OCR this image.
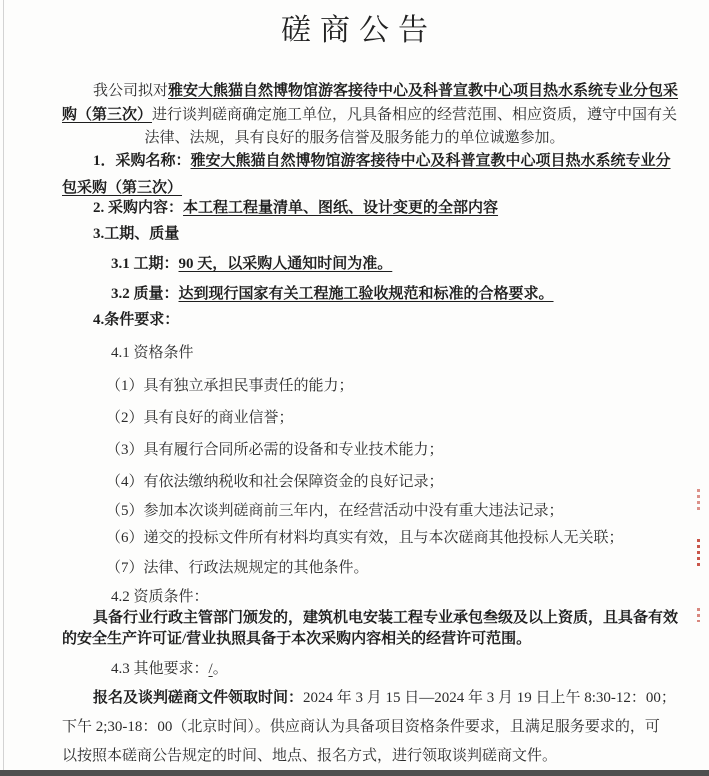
磋商公告
我公司拟对雅安大熊猫自然博物馆游客接待中心及科普宣教中心项目热水系统专业分包采
购（第三次）进行谈判磋商确定施工单位，凡具备相应的经营范围、相应资质，遵守中国有关
法律、法规，具有良好的服务信誉及服务能力的单位诚邀参加。
1．采购名称：雅安大熊猫自然博物馆游客接待中心及科普宣教中心项目热水系统专业分
包采购（第三次）
2. 采购内容：本工程工程量清单、图纸、设计变更的全部内容
3.工期、质量
3.1 工期：90 天，以采购人通知时间为准。
3.2 质量：达到现行国家有关工程施工验收规范和标准的合格要求。
4.条件要求：
4.1 资格条件
（1）具有独立承担民事责任的能力；
（2）具有良好的商业信誉；
（3）具有履行合同所必需的设备和专业技术能力；
（4）有依法缴纳税收和社会保障资金的良好记录；
（5）参加本次谈判磋商前三年内，在经营活动中没有重大违法记录；
（6）递交的投标文件所有材料均真实有效，且与本次磋商其他投标人无关联；
（7）法律、行政法规规定的其他条件。
4.2 资质条件：
具备行业行政主管部门颁发的，建筑机电安装工程专业承包叁级及以上资质，且具备有效
的安全生产许可证/营业执照具备于本次采购内容相关的经营许可范围。
4.3 其他要求：/。
报名及谈判磋商文件领取时间：2024 年 3 月 15 日—2024 年 3 月 19 日上午 8:30-12：00；
下午 2;30-18：00（北京时间）。供应商认为具备项目资格条件要求，且满足服务要求的，可
以按照本磋商公告规定的时间、地点、报名方式，进行领取谈判磋商文件。
